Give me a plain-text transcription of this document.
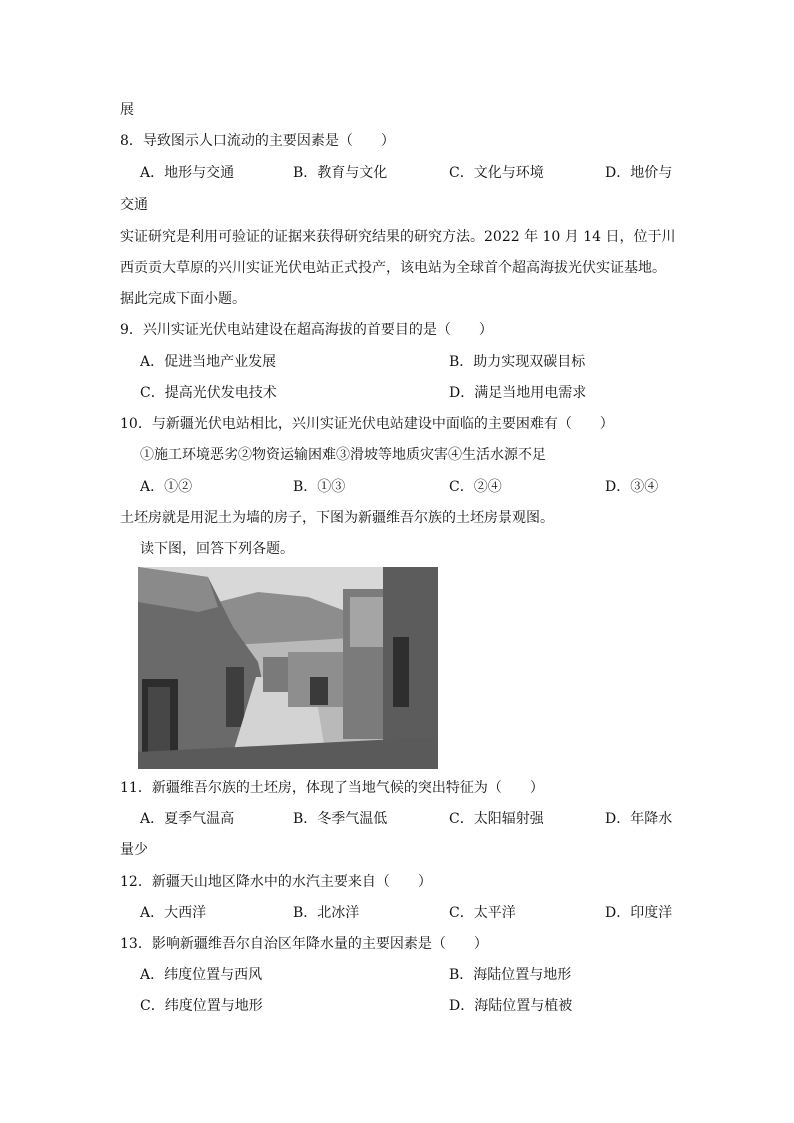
展
8．导致图示人口流动的主要因素是（　　）
A．地形与交通	B．教育与文化	C．文化与环境	D．地价与
交通
实证研究是利用可验证的证据来获得研究结果的研究方法。2022 年 10 月 14 日，位于川
西贡贡大草原的兴川实证光伏电站正式投产，该电站为全球首个超高海拔光伏实证基地。
据此完成下面小题。
9．兴川实证光伏电站建设在超高海拔的首要目的是（　　）
A．促进当地产业发展	B．助力实现双碳目标
C．提高光伏发电技术	D．满足当地用电需求
10．与新疆光伏电站相比，兴川实证光伏电站建设中面临的主要困难有（　　）
①施工环境恶劣②物资运输困难③滑坡等地质灾害④生活水源不足
A．①②	B．①③	C．②④	D．③④
土坯房就是用泥土为墙的房子，下图为新疆维吾尔族的土坯房景观图。
读下图，回答下列各题。
11．新疆维吾尔族的土坯房，体现了当地气候的突出特征为（　　）
A．夏季气温高	B．冬季气温低	C．太阳辐射强	D．年降水
量少
12．新疆天山地区降水中的水汽主要来自（　　）
A．大西洋	B．北冰洋	C．太平洋	D．印度洋
13．影响新疆维吾尔自治区年降水量的主要因素是（　　）
A．纬度位置与西风	B．海陆位置与地形
C．纬度位置与地形	D．海陆位置与植被
